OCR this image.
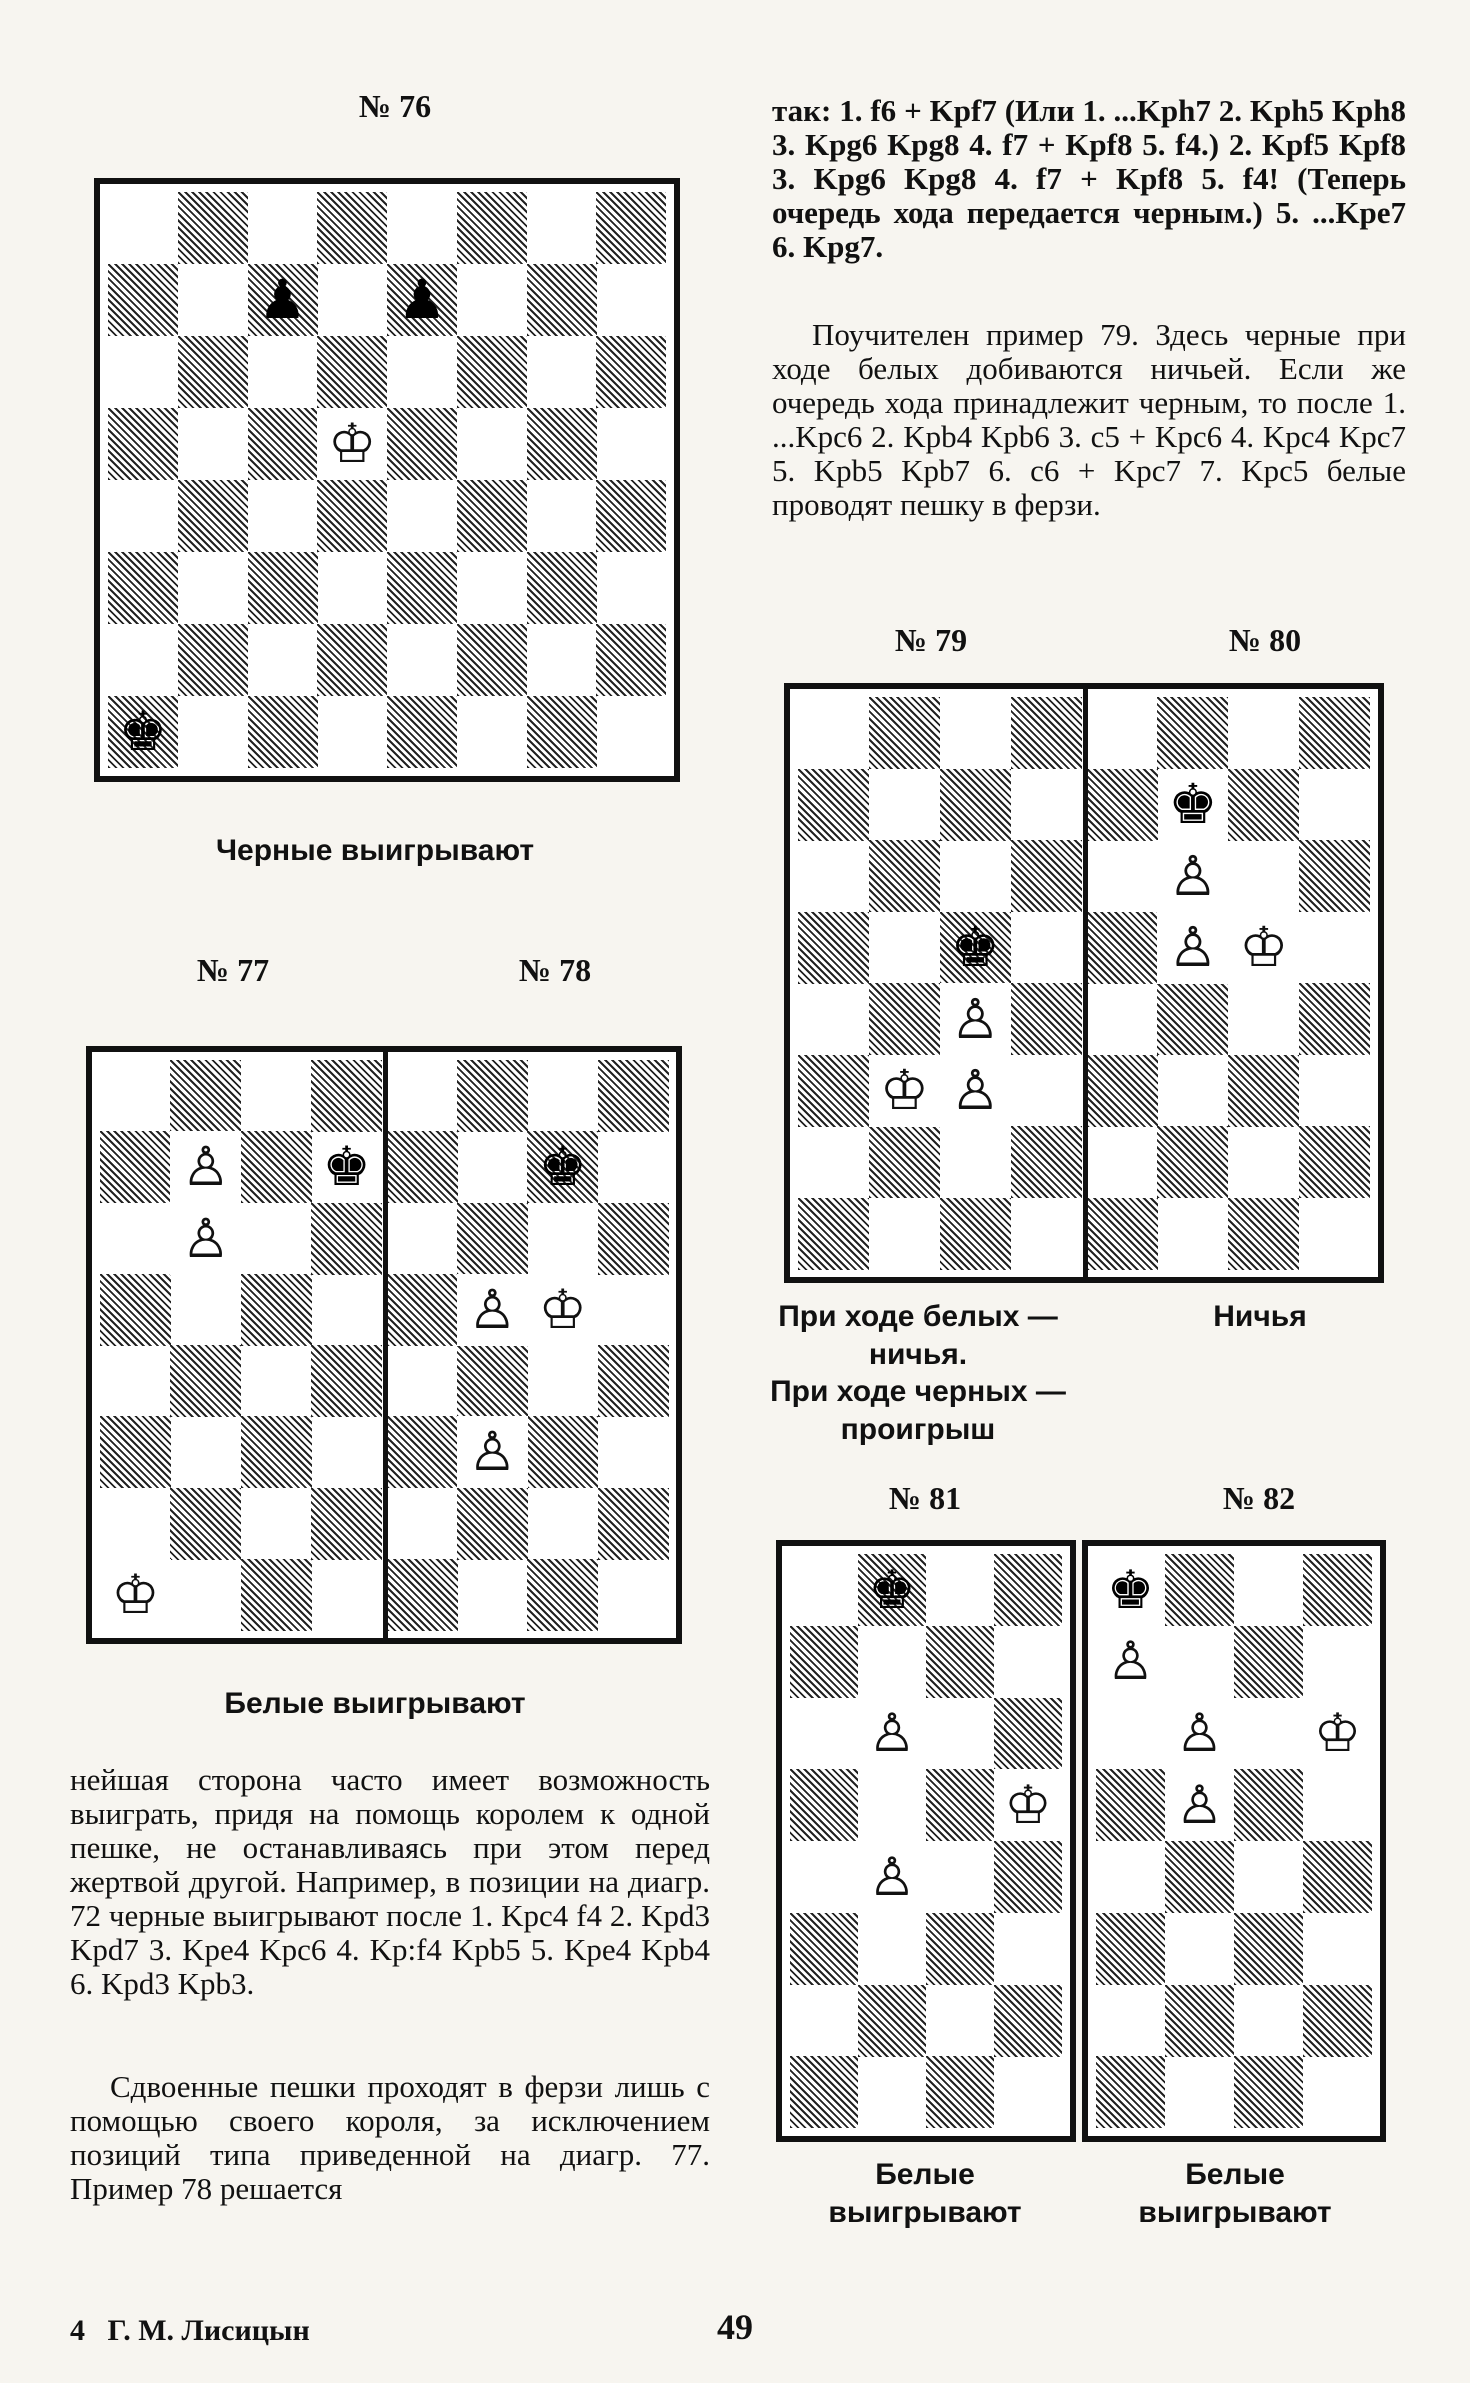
№ 76
♟ ♟
♔
♚
Черные выигрывают
№ 77	№ 78
♙ ♚
♙
♔
♚
♙ ♔
♙
Белые выигрывают
нейшая сторона часто имеет возможность выиграть, придя на помощь королем к одной пешке, не останавливаясь при этом перед жертвой другой. Например, в позиции на диагр. 72 черные выигрывают после 1. Kpc4 f4 2. Kpd3 Kpd7 3. Kpe4 Kpc6 4. Kp:f4 Kpb5 5. Kpe4 Kpb4 6. Kpd3 Kpb3.
Сдвоенные пешки проходят в ферзи лишь с помощью своего короля, за исключением позиций типа приведенной на диагр. 77. Пример 78 решается
так: 1. f6 + Kpf7 (Или 1. ...Kph7 2. Kph5 Kph8 3. Kpg6 Kpg8 4. f7 + Kpf8 5. f4.) 2. Kpf5 Kpf8 3. Kpg6 Kpg8 4. f7 + Kpf8 5. f4! (Теперь очередь хода передается черным.) 5. ...Kpe7 6. Kpg7.
Поучителен пример 79. Здесь черные при ходе белых добиваются ничьей. Если же очередь хода принадлежит черным, то после 1. ...Kpc6 2. Kpb4 Kpb6 3. c5 + Kpc6 4. Kpc4 Kpc7 5. Kpb5 Kpb7 6. c6 + Kpc7 7. Kpc5 белые проводят пешку в ферзи.
№ 79	№ 80
♚
♙
♔ ♙
♚
♙
♙ ♔
При ходе белых —
ничья.
При ходе черных —
проигрыш
Ничья
№ 81	№ 82
♚
♙
♔
♙
♚
♙
♙ ♔
♙
Белые
выигрывают
Белые
выигрывают
4   Г. М. Лисицын	49
